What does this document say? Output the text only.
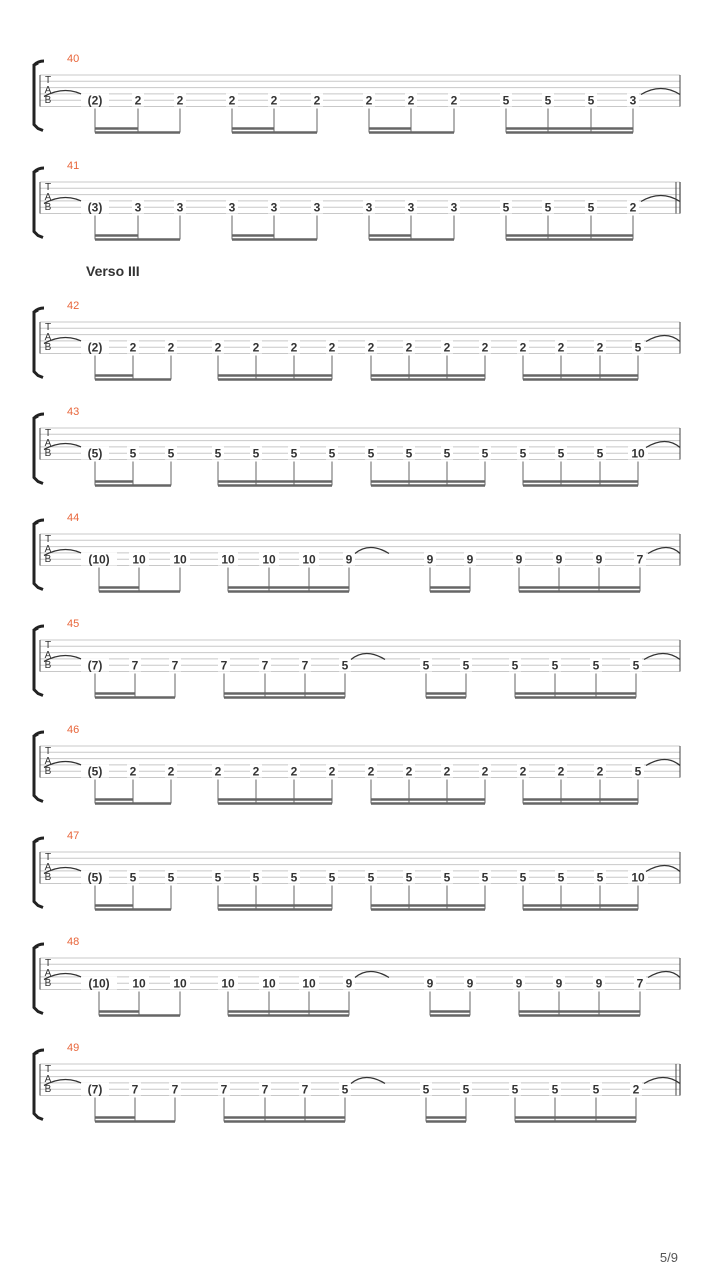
40
T
A
B	(2)	2	2	2	2	2	2	2	2	5	5	5	3
41
T
A
B	(3)	3	3	3	3	3	3	3	3	5	5	5	2
42
Verso III
T
A
B	(2) 2	2	2	2	2	2	2	2	2	2	2	2	2	5
43
T
A
B	(5) 5	5	5	5	5	5	5	5	5	5	5	5	5 10
44
T
A
B	(10) 10 10	10 10 10 9	9	9	9	9	9	7
45
T
A
B	(7) 7	7	7	7	7	5	5	5	5	5	5	5
46
T
A
B	(5) 2	2	2	2	2	2	2	2	2	2	2	2	2	5
47
T
A
B	(5) 5	5	5	5	5	5	5	5	5	5	5	5	5 10
48
T
A
B	(10) 10 10	10 10 10 9	9	9	9	9	9	7
49
T
A
B	(7) 7	7	7	7	7	5	5	5	5	5	5	2
5/9
